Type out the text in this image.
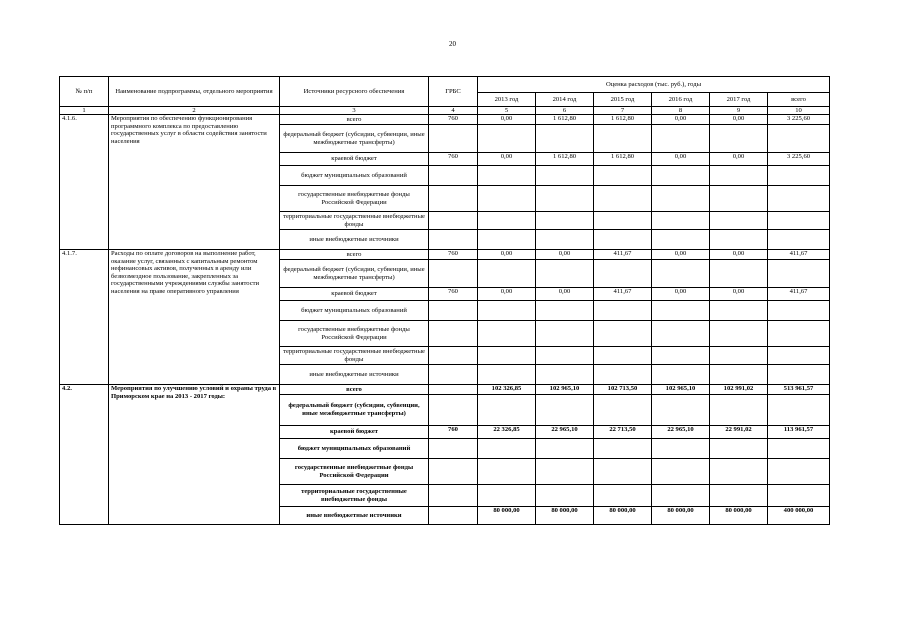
20
№ п/п	Наименование подпрограммы, отдельного мероприятия	Источники ресурсного обеспечения	ГРБС	Оценка расходов (тыс. руб.), годы					
				2013 год	2014 год	2015 год	2016 год	2017 год	всего
1	2	3	4	5	6	7	8	9	10
4.1.6.	Мероприятия по обеспечению функционирования программного комплекса по предоставлению государственных услуг в области содействия занятости населения	всего	760	0,00	1 612,80	1 612,80	0,00	0,00	3 225,60
		федеральный бюджет (субсидии, субвенции, иные межбюджетные трансферты)							
		краевой бюджет	760	0,00	1 612,80	1 612,80	0,00	0,00	3 225,60
		бюджет муниципальных образований							
		государственные внебюджетные фонды Российской Федерации							
		территориальные государственные внебюджетные фонды							
		иные внебюджетные источники							
4.1.7.	Расходы по оплате договоров на выполнение работ, оказание услуг, связанных с капитальным ремонтом нефинансовых активов, полученных в аренду или безвозмездное пользование, закрепленных за государственными учреждениями службы занятости населения на праве оперативного управления	всего	760	0,00	0,00	411,67	0,00	0,00	411,67
		федеральный бюджет (субсидии, субвенции, иные межбюджетные трансферты)							
		краевой бюджет	760	0,00	0,00	411,67	0,00	0,00	411,67
		бюджет муниципальных образований							
		государственные внебюджетные фонды Российской Федерации							
		территориальные государственные внебюджетные фонды							
		иные внебюджетные источники							
4.2.	Мероприятия по улучшению условий и охраны труда в Приморском крае на 2013 - 2017 годы:	всего		102 326,85	102 965,10	102 713,50	102 965,10	102 991,02	513 961,57
		федеральный бюджет (субсидии, субвенции, иные межбюджетные трансферты)							
		краевой бюджет	760	22 326,85	22 965,10	22 713,50	22 965,10	22 991,02	113 961,57
		бюджет муниципальных образований							
		государственные внебюджетные фонды Российской Федерации							
		территориальные государственные внебюджетные фонды							
		иные внебюджетные источники		80 000,00	80 000,00	80 000,00	80 000,00	80 000,00	400 000,00
